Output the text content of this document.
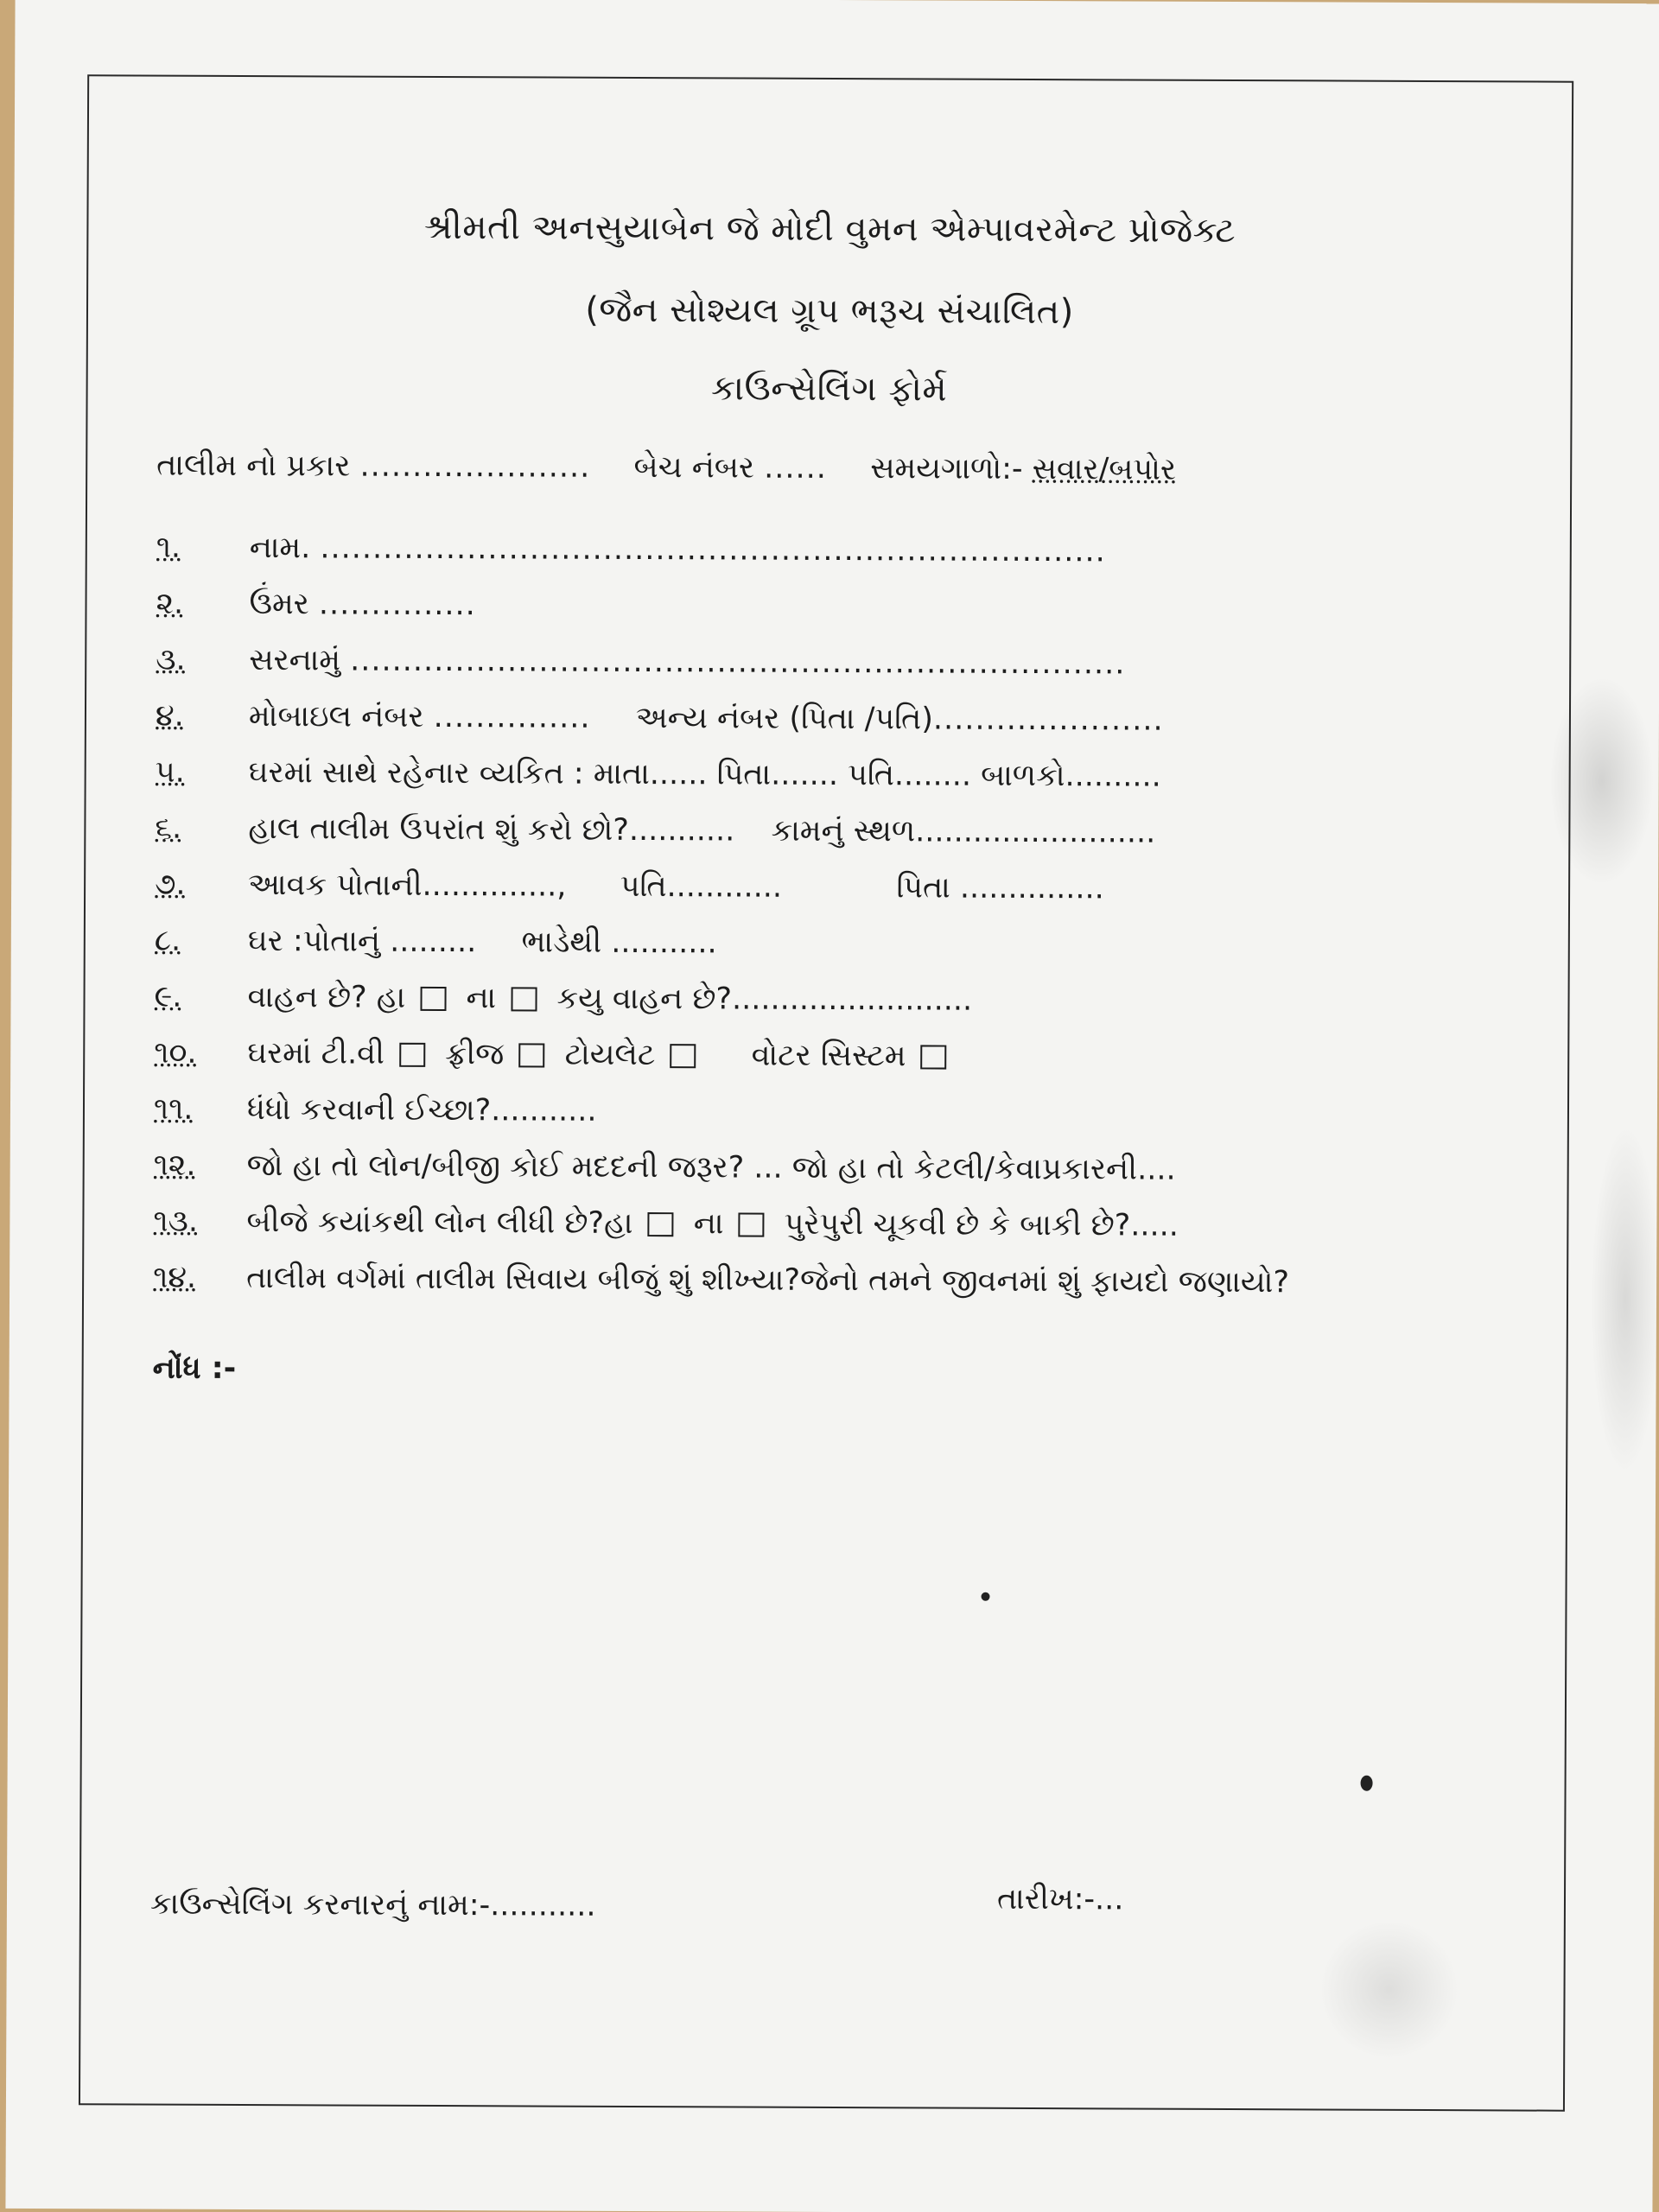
શ્રીમતી અનસુયાબેન જે મોદી વુમન એમ્પાવરમેન્ટ પ્રોજેક્ટ
(જૈન સોશ્યલ ગ્રૂપ ભરૂચ સંચાલિત)
કાઉન્સેલિંગ ફોર્મ
તાલીમ નો પ્રકાર ...................... બેચ નંબર ...... સમયગાળો:- સવાર/બપોર
૧. નામ. ...........................................................................
૨. ઉંમર ...............
૩. સરનામું ..........................................................................
૪. મોબાઇલ નંબર ............... અન્ય નંબર (પિતા /પતિ)......................
૫. ઘરમાં સાથે રહેનાર વ્યકિત : માતા...... પિતા....... પતિ........ બાળકો..........
૬. હાલ તાલીમ ઉપરાંત શું કરો છો?........... કામનું સ્થળ.........................
૭. આવક પોતાની.............., પતિ............	પિતા ...............
૮. ઘર :પોતાનું ......... ભાડેથી ...........
૯. વાહન છે? હા ના કયુ વાહન છે?.........................
૧૦. ઘરમાં ટી.વી ફ્રીજ ટોયલેટ	વોટર સિસ્ટમ
૧૧. ધંધો કરવાની ઈચ્છા?...........
૧૨. જો હા તો લોન/બીજી કોઈ મદદની જરૂર? ... જો હા તો કેટલી/કેવાપ્રકારની....
૧૩. બીજે કયાંકથી લોન લીધી છે?હા ના પુરેપુરી ચૂકવી છે કે બાકી છે?.....
૧૪. તાલીમ વર્ગમાં તાલીમ સિવાય બીજું શું શીખ્યા?જેનો તમને જીવનમાં શું ફાયદો જણાયો?
નોંધ :-
કાઉન્સેલિંગ કરનારનું નામ:-...........	તારીખ:-...
